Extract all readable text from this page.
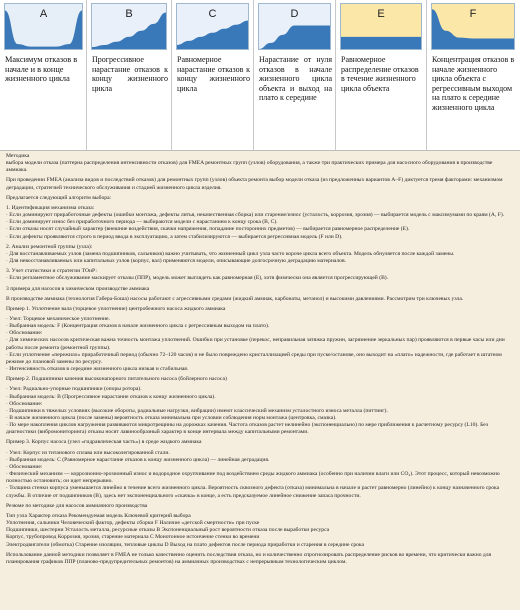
A
Максимум отказов в начале и в конце жизненного цикла
B
Прогрессивное нарастание отказов к концу жизненного цикла
C
Равномерное нарастание отказов к концу жизненного цикла
D
Нарастание от нуля отказов в начале жизненного цикла объекта и выход на плато к середине
E
Равномерное распределение отказов в течение жизненного цикла объекта
F
Концентрация отказов в начале жизненного цикла объекта с регрессивным выходом на плато к середине жизненного цикла

Методика

выбора модели отказа (паттерна распределения интенсивности отказов) для FMEA ремонтных групп (узлов) оборудования, а также три практических примера для насосного оборудования в производстве аммиака.

При проведении FMEA (анализа видов и последствий отказов) для ремонтных групп (узлов) объекта ремонта выбор модели отказа (из предложенных вариантов A–F) диктуется тремя факторами: механизмом деградации, стратегией технического обслуживания и стадией жизненного цикла изделия.

Предлагается следующий алгоритм выбора:

1. Идентификация механизма отказа:

· Если доминируют приработочные дефекты (ошибки монтажа, дефекты литья, некачественная сборка) или старение/износ (усталость, коррозия, эрозия) — выбирается модель с максимумами по краям (A, F).

· Если доминирует износ без приработочного периода — выбираются модели с нарастанием к концу срока (B, C).

· Если отказы носят случайный характер (внешние воздействия, скачки напряжения, попадание посторонних предметов) — выбирается равномерное распределение (E).

· Если дефекты проявляются строго в период ввода в эксплуатацию, а затем стабилизируются — выбирается регрессивная модель (F или D).

2. Анализ ремонтной группы (узла):

· Для восстанавливаемых узлов (замена подшипников, сальников) важно учитывать, что жизненный цикл узла часто короче цикла всего объекта. Модель обнуляется после каждой замены.

· Для невосстанавливаемых или капитальных узлов (корпус, вал) применяются модели, описывающие долгосрочную деградацию материалов.

3. Учет статистики и стратегии ТОиР:

· Если регламентное обслуживание маскирует отказы (ППР), модель может выглядеть как равномерная (E), хотя физически она является прогрессирующей (B).

3 примера для насосов в химическом производстве аммиака

В производстве аммиака (технология Габера-Боша) насосы работают с агрессивными средами (жидкий аммиак, карбонаты, метанол) и высокими давлениями. Рассмотрим три ключевых узла.

Пример 1. Уплотнение вала (торцевое уплотнение) центробежного насоса жидкого аммиака

· Узел: Торцевое механическое уплотнение.

· Выбранная модель: F (Концентрация отказов в начале жизненного цикла с регрессивным выходом на плато).

· Обоснование:

· Для химических насосов критическая важна точность монтажа уплотнений. Ошибки при установке (перекос, неправильная затяжка пружин, загрязнение зеркальных пар) проявляются в первые часы или дни работы после ремонта (ремонтной группы).

· Если уплотнение «пережило» приработочный период (обычно 72–120 часов) и не было повреждено кристаллизацией среды при пуске/останове, оно выходит на «плато» надежности, где работает в штатном режиме до плановой замены по ресурсу.

· Интенсивность отказов в середине жизненного цикла низкая и стабильная.

Пример 2. Подшипники качения высоконапорного питательного насоса (бойлерного насоса)

· Узел: Радиально-упорные подшипники (опоры ротора).

· Выбранная модель: B (Прогрессивное нарастание отказов к концу жизненного цикла).

· Обоснование:

· Подшипники в тяжелых условиях (высокие обороты, радиальные нагрузки, вибрации) имеют классический механизм усталостного износа металла (питтинг).

· В начале жизненного цикла (после замены) вероятность отказа минимальна при условии соблюдения норм монтажа (центровка, смазка).

· По мере накопления циклов нагружения развиваются микротрещины на дорожках качения. Частота отказов растет нелинейно (экспоненциально) по мере приближения к расчетному ресурсу (L10). Без диагностики (вибромониторинга) отказы носят лавинообразный характер в конце интервала между капитальными ремонтами.

Пример 3. Корпус насоса (узел «гидравлическая часть») в среде жидкого аммиака

· Узел: Корпус из титанового сплава или высоколегированной стали.

· Выбранная модель: C (Равномерное нарастание отказов к концу жизненного цикла) — линейная деградация.

· Обоснование:

· Физический механизм — коррозионно-эрозионный износ и водородное охрупчивание под воздействием среды жидкого аммиака (особенно при наличии влаги или CO₂). Этот процесс, который невозможно полностью остановить; он идет непрерывно.

· Толщина стенки корпуса уменьшается линейно в течение всего жизненного цикла. Вероятность сквозного дефекта (отказа) минимальна в начале и растет равномерно (линейно) к концу назначенного срока службы. В отличие от подшипников (B), здесь нет экспоненциального «скачка» в конце, а есть предсказуемое линейное снижение запаса прочности.

Резюме по методике для насосов аммиачного производства

Тип узла Характер отказа Рекомендуемая модель Ключевой критерий выбора

Уплотнения, сальники Человеческий фактор, дефекты сборки F Наличие «детской смертности» при пуске

Подшипники, шестерни Усталость металла, ресурсные отказы B Экспоненциальный рост вероятности отказа после выработки ресурса

Корпус, трубопровод Коррозия, эрозия, старение материала C Монотонное истончение стенки во времени

Электродвигатели (обмотка) Старение изоляции, тепловые циклы D Выход на плато дефектов после периода приработки и старения в середине срока

Использование данной методики позволяет в FMEA не только качественно оценить последствия отказа, но и количественно спрогнозировать распределение рисков во времени, что критически важно для планирования графиков ППР (планово-предупредительных ремонтов) на аммиачных производствах с непрерывным технологическим циклом.
